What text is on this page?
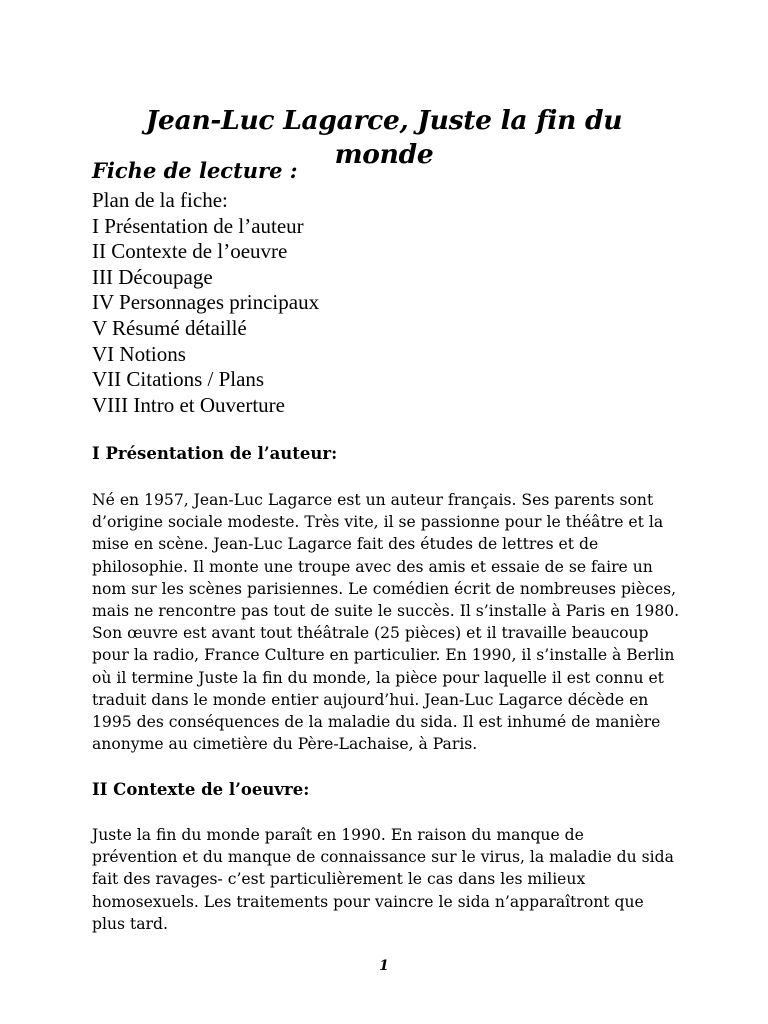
Jean-Luc Lagarce, Juste la fin du
monde
Fiche de lecture :
Plan de la fiche:
I Présentation de l’auteur
II Contexte de l’oeuvre
III Découpage
IV Personnages principaux
V Résumé détaillé
VI Notions
VII Citations / Plans
VIII Intro et Ouverture
I Présentation de l’auteur:

Né en 1957, Jean-Luc Lagarce est un auteur français. Ses parents sont
d’origine sociale modeste. Très vite, il se passionne pour le théâtre et la
mise en scène. Jean-Luc Lagarce fait des études de lettres et de
philosophie. Il monte une troupe avec des amis et essaie de se faire un
nom sur les scènes parisiennes. Le comédien écrit de nombreuses pièces,
mais ne rencontre pas tout de suite le succès. Il s’installe à Paris en 1980.
Son œuvre est avant tout théâtrale (25 pièces) et il travaille beaucoup
pour la radio, France Culture en particulier. En 1990, il s’installe à Berlin
où il termine Juste la fin du monde, la pièce pour laquelle il est connu et
traduit dans le monde entier aujourd’hui. Jean-Luc Lagarce décède en
1995 des conséquences de la maladie du sida. Il est inhumé de manière
anonyme au cimetière du Père-Lachaise, à Paris.

II Contexte de l’oeuvre:

Juste la fin du monde paraît en 1990. En raison du manque de
prévention et du manque de connaissance sur le virus, la maladie du sida
fait des ravages- c’est particulièrement le cas dans les milieux
homosexuels. Les traitements pour vaincre le sida n’apparaîtront que
plus tard.

1
